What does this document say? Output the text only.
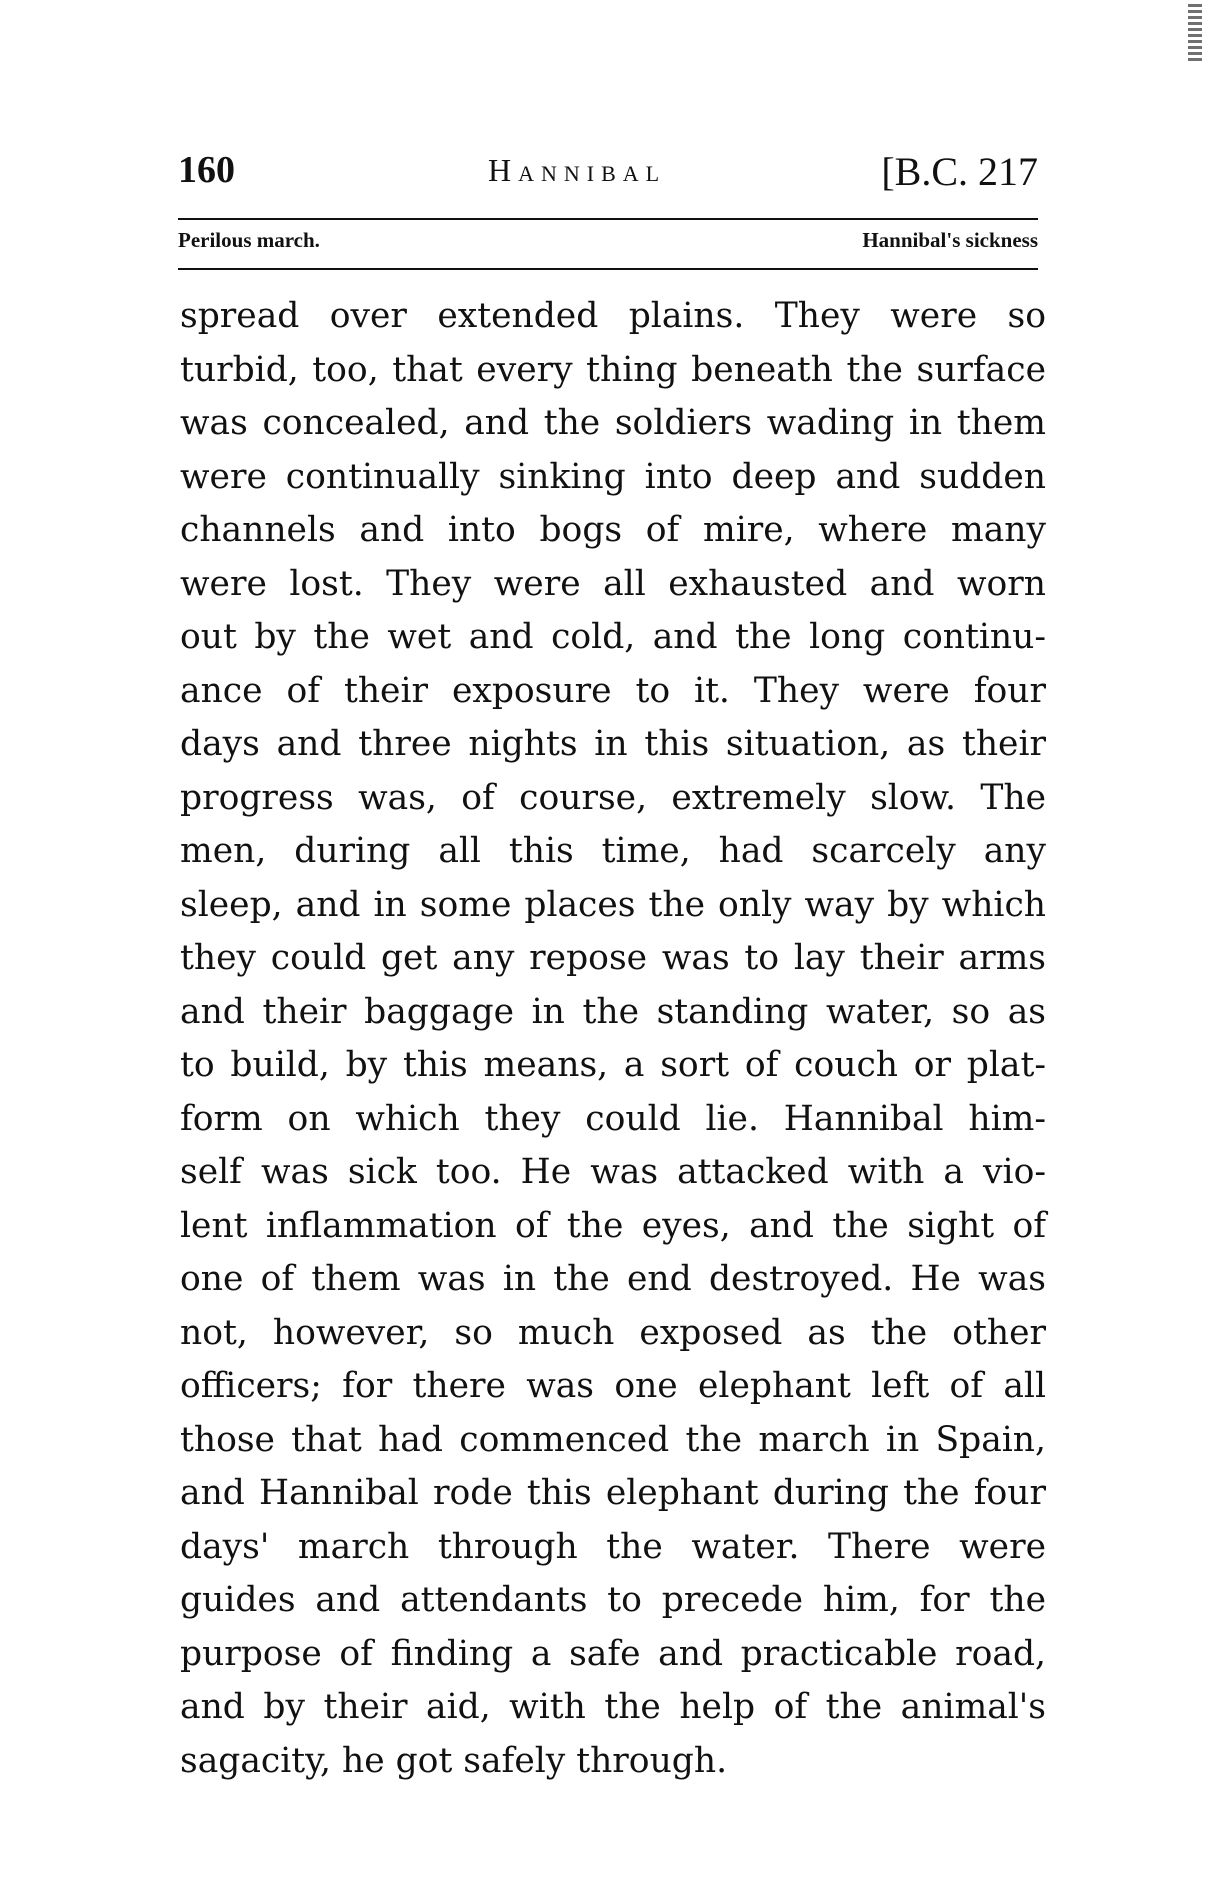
160	Hannibal	[B.C. 217
Perilous march.	Hannibal's sickness
spread over extended plains. They were so
turbid, too, that every thing beneath the surface
was concealed, and the soldiers wading in them
were continually sinking into deep and sudden
channels and into bogs of mire, where many
were lost. They were all exhausted and worn
out by the wet and cold, and the long continu-
ance of their exposure to it. They were four
days and three nights in this situation, as their
progress was, of course, extremely slow. The
men, during all this time, had scarcely any
sleep, and in some places the only way by which
they could get any repose was to lay their arms
and their baggage in the standing water, so as
to build, by this means, a sort of couch or plat-
form on which they could lie. Hannibal him-
self was sick too. He was attacked with a vio-
lent inflammation of the eyes, and the sight of
one of them was in the end destroyed. He was
not, however, so much exposed as the other
officers; for there was one elephant left of all
those that had commenced the march in Spain,
and Hannibal rode this elephant during the four
days' march through the water. There were
guides and attendants to precede him, for the
purpose of finding a safe and practicable road,
and by their aid, with the help of the animal's
sagacity, he got safely through.
